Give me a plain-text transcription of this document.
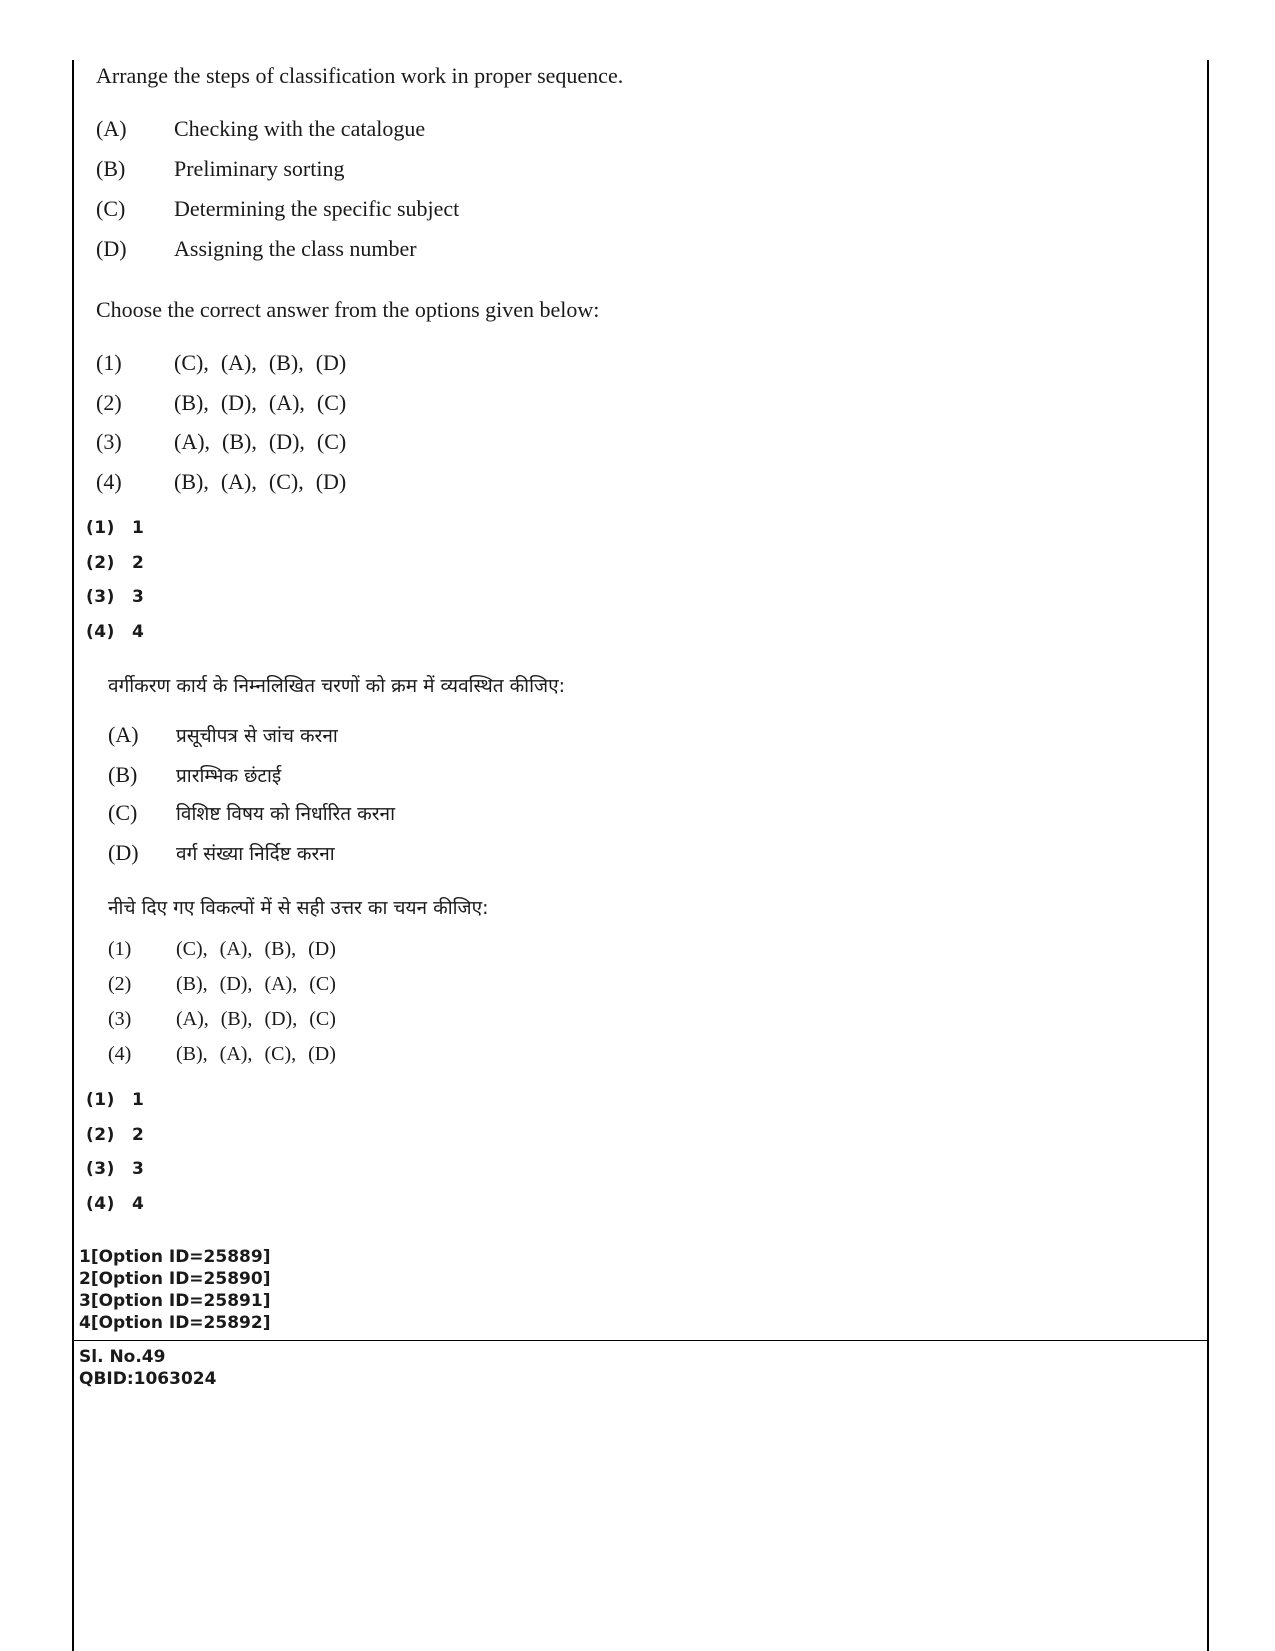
Arrange the steps of classification work in proper sequence.
(A) Checking with the catalogue
(B) Preliminary sorting
(C) Determining the specific subject
(D) Assigning the class number
Choose the correct answer from the options given below:
(1) (C), (A), (B), (D)
(2) (B), (D), (A), (C)
(3) (A), (B), (D), (C)
(4) (B), (A), (C), (D)
(1) 1
(2) 2
(3) 3
(4) 4
वर्गीकरण कार्य के निम्नलिखित चरणों को क्रम में व्यवस्थित कीजिए:
(A) प्रसूचीपत्र से जांच करना
(B) प्रारम्भिक छंटाई
(C) विशिष्ट विषय को निर्धारित करना
(D) वर्ग संख्या निर्दिष्ट करना
नीचे दिए गए विकल्पों में से सही उत्तर का चयन कीजिए:
(1) (C), (A), (B), (D)
(2) (B), (D), (A), (C)
(3) (A), (B), (D), (C)
(4) (B), (A), (C), (D)
(1) 1
(2) 2
(3) 3
(4) 4
1[Option ID=25889]
2[Option ID=25890]
3[Option ID=25891]
4[Option ID=25892]
Sl. No.49
QBID:1063024
